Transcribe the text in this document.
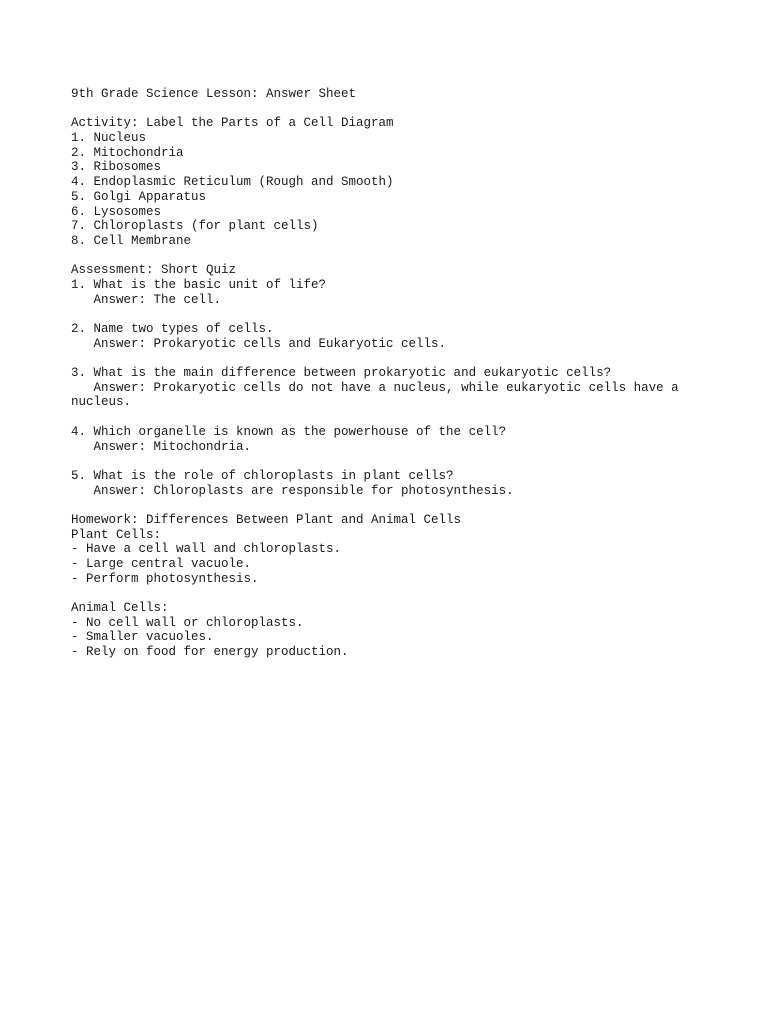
9th Grade Science Lesson: Answer Sheet
Activity: Label the Parts of a Cell Diagram
1. Nucleus
2. Mitochondria
3. Ribosomes
4. Endoplasmic Reticulum (Rough and Smooth)
5. Golgi Apparatus
6. Lysosomes
7. Chloroplasts (for plant cells)
8. Cell Membrane
Assessment: Short Quiz
1. What is the basic unit of life?
Answer: The cell.
2. Name two types of cells.
Answer: Prokaryotic cells and Eukaryotic cells.
3. What is the main difference between prokaryotic and eukaryotic cells?
Answer: Prokaryotic cells do not have a nucleus, while eukaryotic cells have a
nucleus.
4. Which organelle is known as the powerhouse of the cell?
Answer: Mitochondria.
5. What is the role of chloroplasts in plant cells?
Answer: Chloroplasts are responsible for photosynthesis.
Homework: Differences Between Plant and Animal Cells
Plant Cells:
- Have a cell wall and chloroplasts.
- Large central vacuole.
- Perform photosynthesis.
Animal Cells:
- No cell wall or chloroplasts.
- Smaller vacuoles.
- Rely on food for energy production.
